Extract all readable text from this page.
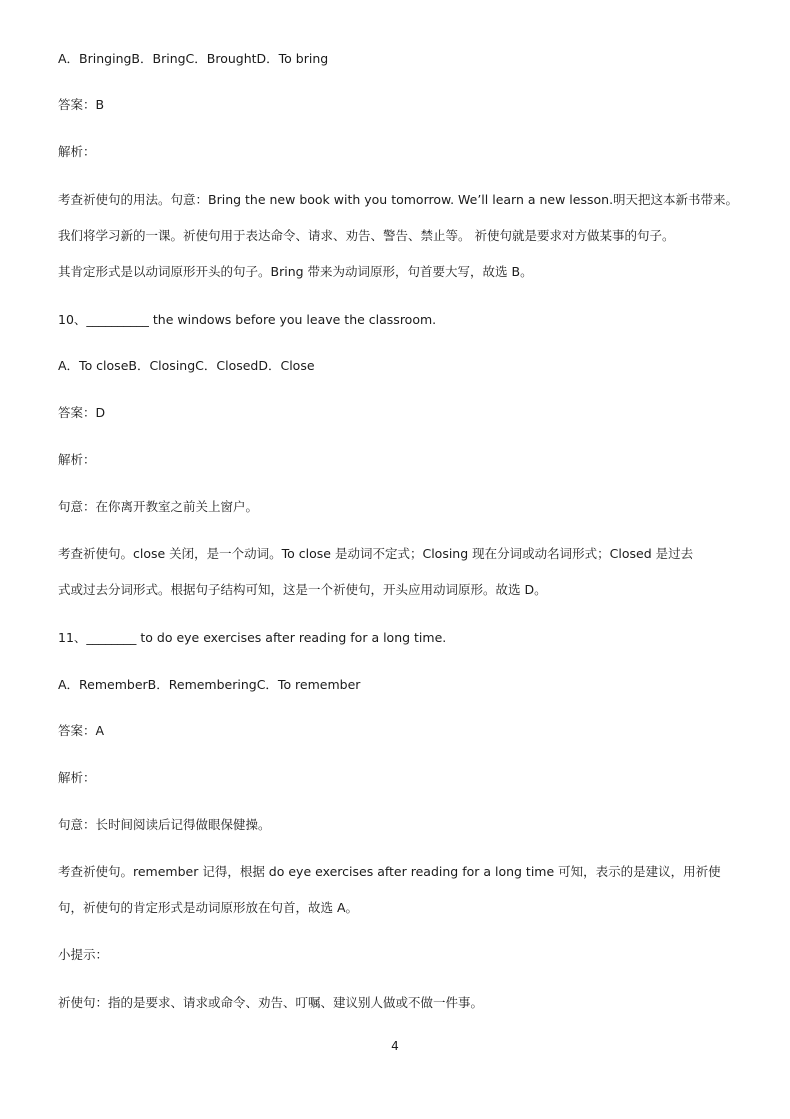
A．BringingB．BringC．BroughtD．To bring
答案：B
解析：
考查祈使句的用法。句意：Bring the new book with you tomorrow. We’ll learn a new lesson.明天把这本新书带来。
我们将学习新的一课。祈使句用于表达命令、请求、劝告、警告、禁止等。 祈使句就是要求对方做某事的句子。
其肯定形式是以动词原形开头的句子。Bring 带来为动词原形，句首要大写，故选 B。
10、__________ the windows before you leave the classroom.
A．To closeB．ClosingC．ClosedD．Close
答案：D
解析：
句意：在你离开教室之前关上窗户。
考查祈使句。close 关闭，是一个动词。To close 是动词不定式；Closing 现在分词或动名词形式；Closed 是过去
式或过去分词形式。根据句子结构可知，这是一个祈使句，开头应用动词原形。故选 D。
11、________ to do eye exercises after reading for a long time.
A．RememberB．RememberingC．To remember
答案：A
解析：
句意：长时间阅读后记得做眼保健操。
考查祈使句。remember 记得，根据 do eye exercises after reading for a long time 可知，表示的是建议，用祈使
句，祈使句的肯定形式是动词原形放在句首，故选 A。
小提示：
祈使句：指的是要求、请求或命令、劝告、叮嘱、建议别人做或不做一件事。
4
